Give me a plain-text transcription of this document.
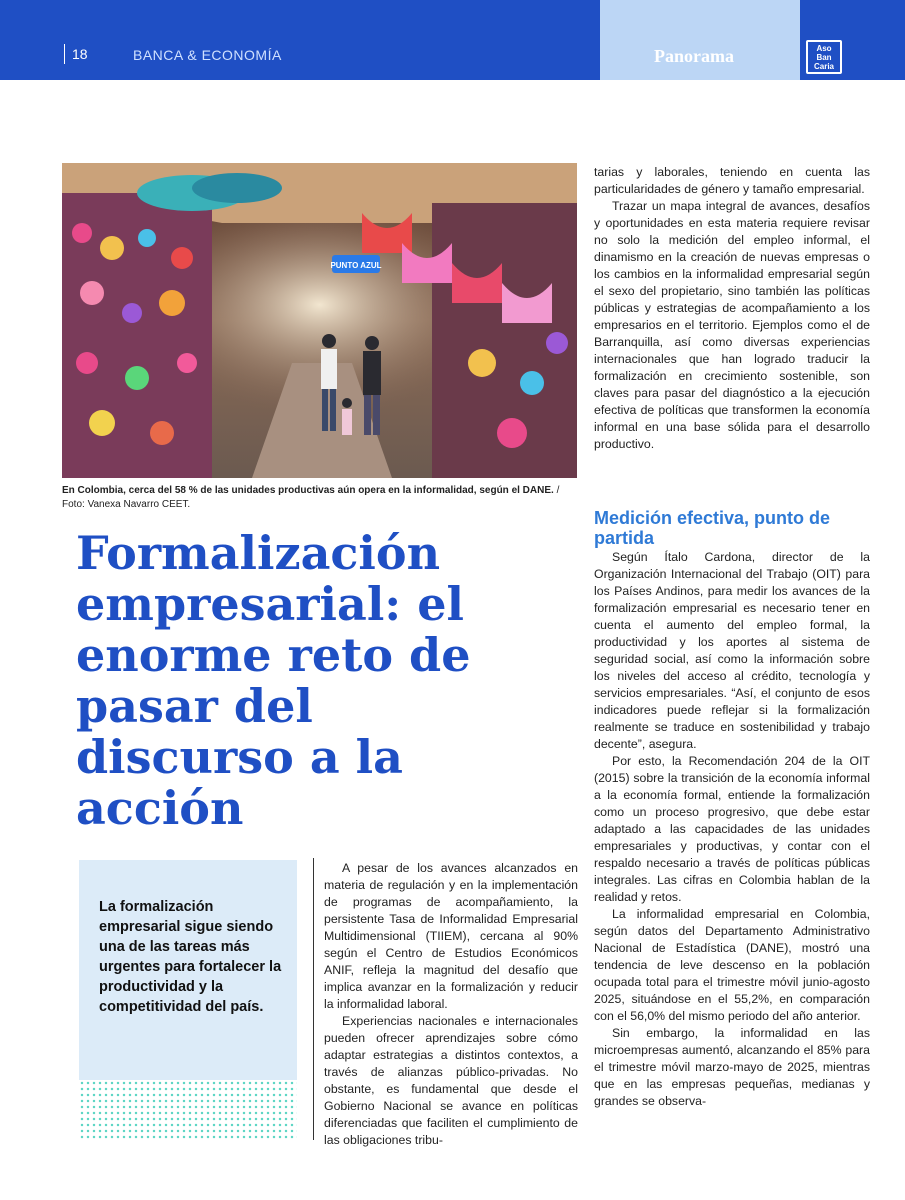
18	BANCA & ECONOMÍA	Panorama	Aso
Ban
Caria
PUNTO AZUL
En Colombia, cerca del 58 % de las unidades productivas aún opera en la informalidad, según el DANE. / Foto: Vanexa Navarro CEET.
Formalización empresarial: el enorme reto de pasar del discurso a la acción

tarias y laborales, teniendo en cuenta las particularidades de género y tamaño empresarial.

Trazar un mapa integral de avances, desafíos y oportunidades en esta materia requiere revisar no solo la medición del empleo informal, el dinamismo en la creación de nuevas empresas o los cambios en la informalidad empresarial según el sexo del propietario, sino también las políticas públicas y estrategias de acompañamiento a los empresarios en el territorio. Ejemplos como el de Barranquilla, así como diversas experiencias internacionales que han logrado traducir la formalización en crecimiento sostenible, son claves para pasar del diagnóstico a la ejecución efectiva de políticas que transformen la economía informal en una base sólida para el desarrollo productivo.

Medición efectiva, punto de partida

Según Ítalo Cardona, director de la Organización Internacional del Trabajo (OIT) para los Países Andinos, para medir los avances de la formalización empresarial es necesario tener en cuenta el aumento del empleo formal, la productividad y los aportes al sistema de seguridad social, así como la información sobre los niveles del acceso al crédito, tecnología y servicios empresariales. “Así, el conjunto de esos indicadores puede reflejar si la formalización realmente se traduce en sostenibilidad y trabajo decente”, asegura.

Por esto, la Recomendación 204 de la OIT (2015) sobre la transición de la economía informal a la economía formal, entiende la formalización como un proceso progresivo, que debe estar adaptado a las capacidades de las unidades empresariales y productivas, y contar con el respaldo necesario a través de políticas públicas integrales. Las cifras en Colombia hablan de la realidad y retos.

La informalidad empresarial en Colombia, según datos del Departamento Administrativo Nacional de Estadística (DANE), mostró una tendencia de leve descenso en la población ocupada total para el trimestre móvil junio-agosto 2025, situándose en el 55,2%, en comparación con el 56,0% del mismo periodo del año anterior.

Sin embargo, la informalidad en las microempresas aumentó, alcanzando el 85% para el trimestre móvil marzo-mayo de 2025, mientras que en las empresas pequeñas, medianas y grandes se observa-

La formalización empresarial sigue siendo una de las tareas más urgentes para fortalecer la productividad y la competitividad del país.

A pesar de los avances alcanzados en materia de regulación y en la implementación de programas de acompañamiento, la persistente Tasa de Informalidad Empresarial Multidimensional (TIIEM), cercana al 90% según el Centro de Estudios Económicos ANIF, refleja la magnitud del desafío que implica avanzar en la formalización y reducir la informalidad laboral.

Experiencias nacionales e internacionales pueden ofrecer aprendizajes sobre cómo adaptar estrategias a distintos contextos, a través de alianzas público-privadas. No obstante, es fundamental que desde el Gobierno Nacional se avance en políticas diferenciadas que faciliten el cumplimiento de las obligaciones tribu-
